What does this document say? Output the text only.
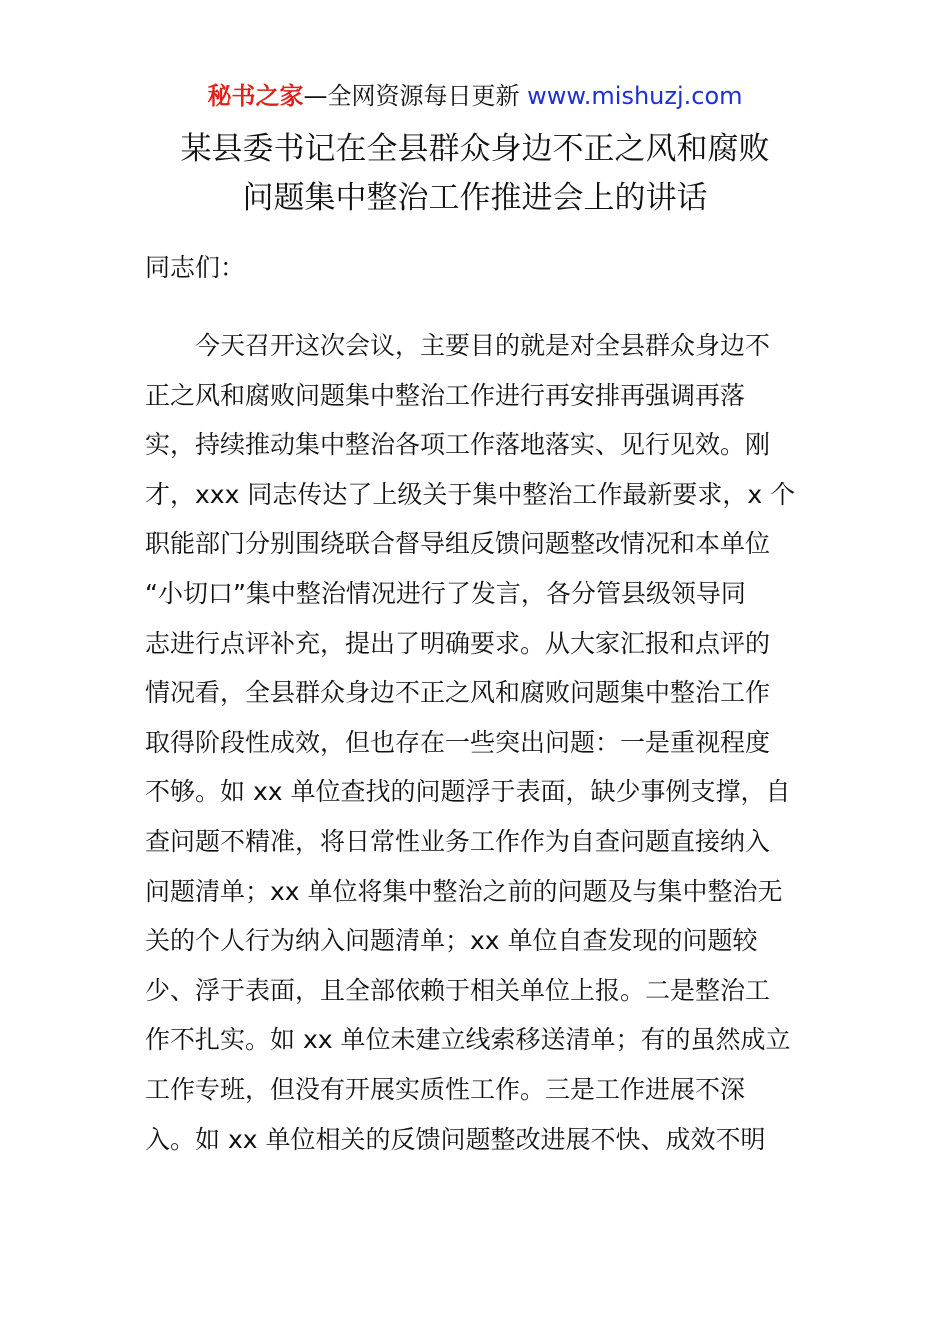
秘书之家—全网资源每日更新 www.mishuzj.com
某县委书记在全县群众身边不正之风和腐败
问题集中整治工作推进会上的讲话
同志们：
今天召开这次会议，主要目的就是对全县群众身边不
正之风和腐败问题集中整治工作进行再安排再强调再落
实，持续推动集中整治各项工作落地落实、见行见效。刚
才，xxx 同志传达了上级关于集中整治工作最新要求，x 个
职能部门分别围绕联合督导组反馈问题整改情况和本单位
“小切口”集中整治情况进行了发言，各分管县级领导同
志进行点评补充，提出了明确要求。从大家汇报和点评的
情况看，全县群众身边不正之风和腐败问题集中整治工作
取得阶段性成效，但也存在一些突出问题：一是重视程度
不够。如 xx 单位查找的问题浮于表面，缺少事例支撑，自
查问题不精准，将日常性业务工作作为自查问题直接纳入
问题清单；xx 单位将集中整治之前的问题及与集中整治无
关的个人行为纳入问题清单；xx 单位自查发现的问题较
少、浮于表面，且全部依赖于相关单位上报。二是整治工
作不扎实。如 xx 单位未建立线索移送清单；有的虽然成立
工作专班，但没有开展实质性工作。三是工作进展不深
入。如 xx 单位相关的反馈问题整改进展不快、成效不明
